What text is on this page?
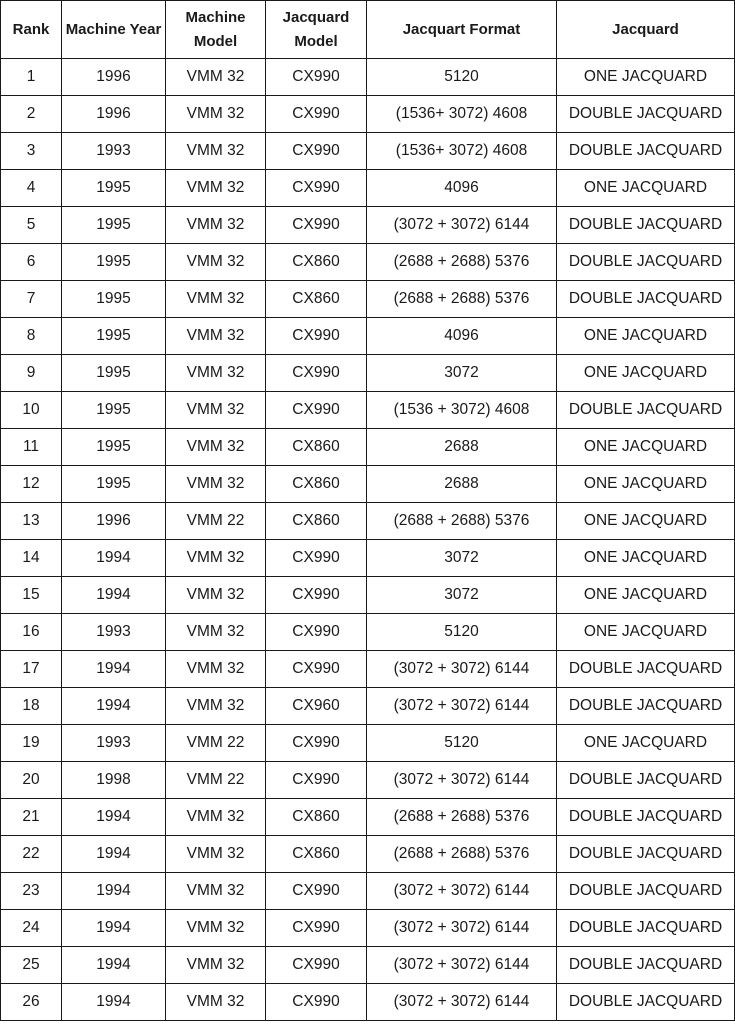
Rank	Machine Year	Machine Model	Jacquard Model	Jacquart Format	Jacquard
1	1996	VMM 32	CX990	5120	ONE JACQUARD
2	1996	VMM 32	CX990	(1536+ 3072) 4608	DOUBLE JACQUARD
3	1993	VMM 32	CX990	(1536+ 3072) 4608	DOUBLE JACQUARD
4	1995	VMM 32	CX990	4096	ONE JACQUARD
5	1995	VMM 32	CX990	(3072 + 3072) 6144	DOUBLE JACQUARD
6	1995	VMM 32	CX860	(2688 + 2688) 5376	DOUBLE JACQUARD
7	1995	VMM 32	CX860	(2688 + 2688) 5376	DOUBLE JACQUARD
8	1995	VMM 32	CX990	4096	ONE JACQUARD
9	1995	VMM 32	CX990	3072	ONE JACQUARD
10	1995	VMM 32	CX990	(1536 + 3072) 4608	DOUBLE JACQUARD
11	1995	VMM 32	CX860	2688	ONE JACQUARD
12	1995	VMM 32	CX860	2688	ONE JACQUARD
13	1996	VMM 22	CX860	(2688 + 2688) 5376	ONE JACQUARD
14	1994	VMM 32	CX990	3072	ONE JACQUARD
15	1994	VMM 32	CX990	3072	ONE JACQUARD
16	1993	VMM 32	CX990	5120	ONE JACQUARD
17	1994	VMM 32	CX990	(3072 + 3072) 6144	DOUBLE JACQUARD
18	1994	VMM 32	CX960	(3072 + 3072) 6144	DOUBLE JACQUARD
19	1993	VMM 22	CX990	5120	ONE JACQUARD
20	1998	VMM 22	CX990	(3072 + 3072) 6144	DOUBLE JACQUARD
21	1994	VMM 32	CX860	(2688 + 2688) 5376	DOUBLE JACQUARD
22	1994	VMM 32	CX860	(2688 + 2688) 5376	DOUBLE JACQUARD
23	1994	VMM 32	CX990	(3072 + 3072) 6144	DOUBLE JACQUARD
24	1994	VMM 32	CX990	(3072 + 3072) 6144	DOUBLE JACQUARD
25	1994	VMM 32	CX990	(3072 + 3072) 6144	DOUBLE JACQUARD
26	1994	VMM 32	CX990	(3072 + 3072) 6144	DOUBLE JACQUARD
